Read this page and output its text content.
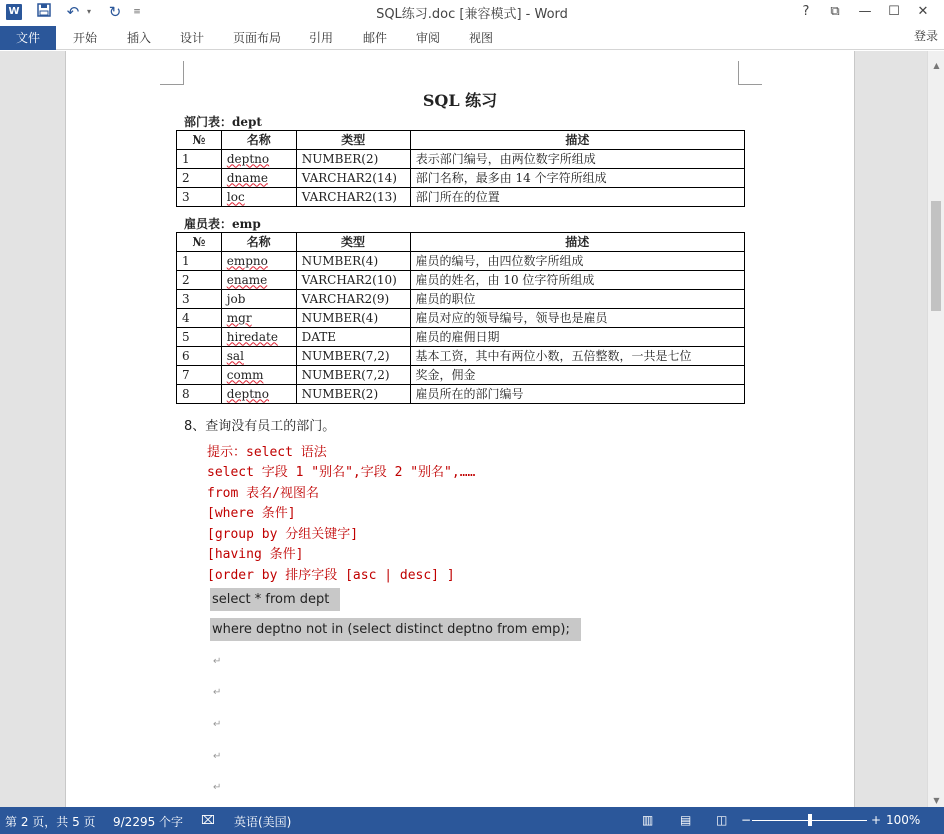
W	↶ ▾	↻	≡	SQL练习.doc [兼容模式] - Word	?	⧉	—	☐	✕
文件	开始 插入 设计 页面布局 引用 邮件 审阅 视图	登录
SQL 练习
部门表：dept
№	名称	类型	描述
1	deptno	NUMBER(2)	表示部门编号，由两位数字所组成
2	dname	VARCHAR2(14)	部门名称，最多由 14 个字符所组成
3	loc	VARCHAR2(13)	部门所在的位置
雇员表：emp
№	名称	类型	描述
1	empno	NUMBER(4)	雇员的编号，由四位数字所组成
2	ename	VARCHAR2(10)	雇员的姓名，由 10 位字符所组成
3	job	VARCHAR2(9)	雇员的职位
4	mgr	NUMBER(4)	雇员对应的领导编号，领导也是雇员
5	hiredate	DATE	雇员的雇佣日期
6	sal	NUMBER(7,2)	基本工资，其中有两位小数，五倍整数，一共是七位
7	comm	NUMBER(7,2)	奖金，佣金
8	deptno	NUMBER(2)	雇员所在的部门编号
8、查询没有员工的部门。
提示：select 语法
select 字段 1 "别名",字段 2 "别名",……
from 表名/视图名
[where 条件]
[group by 分组关键字]
[having 条件]
[order by 排序字段 [asc | desc] ]
select * from dept
where deptno not in (select distinct deptno from emp);
↵
↵
↵
↵
↵
▲
▼
第 2 页，共 5 页 9/2295 个字 ⌧ 英语(美国)	▥ ▤ ◫ −	+ 100%
